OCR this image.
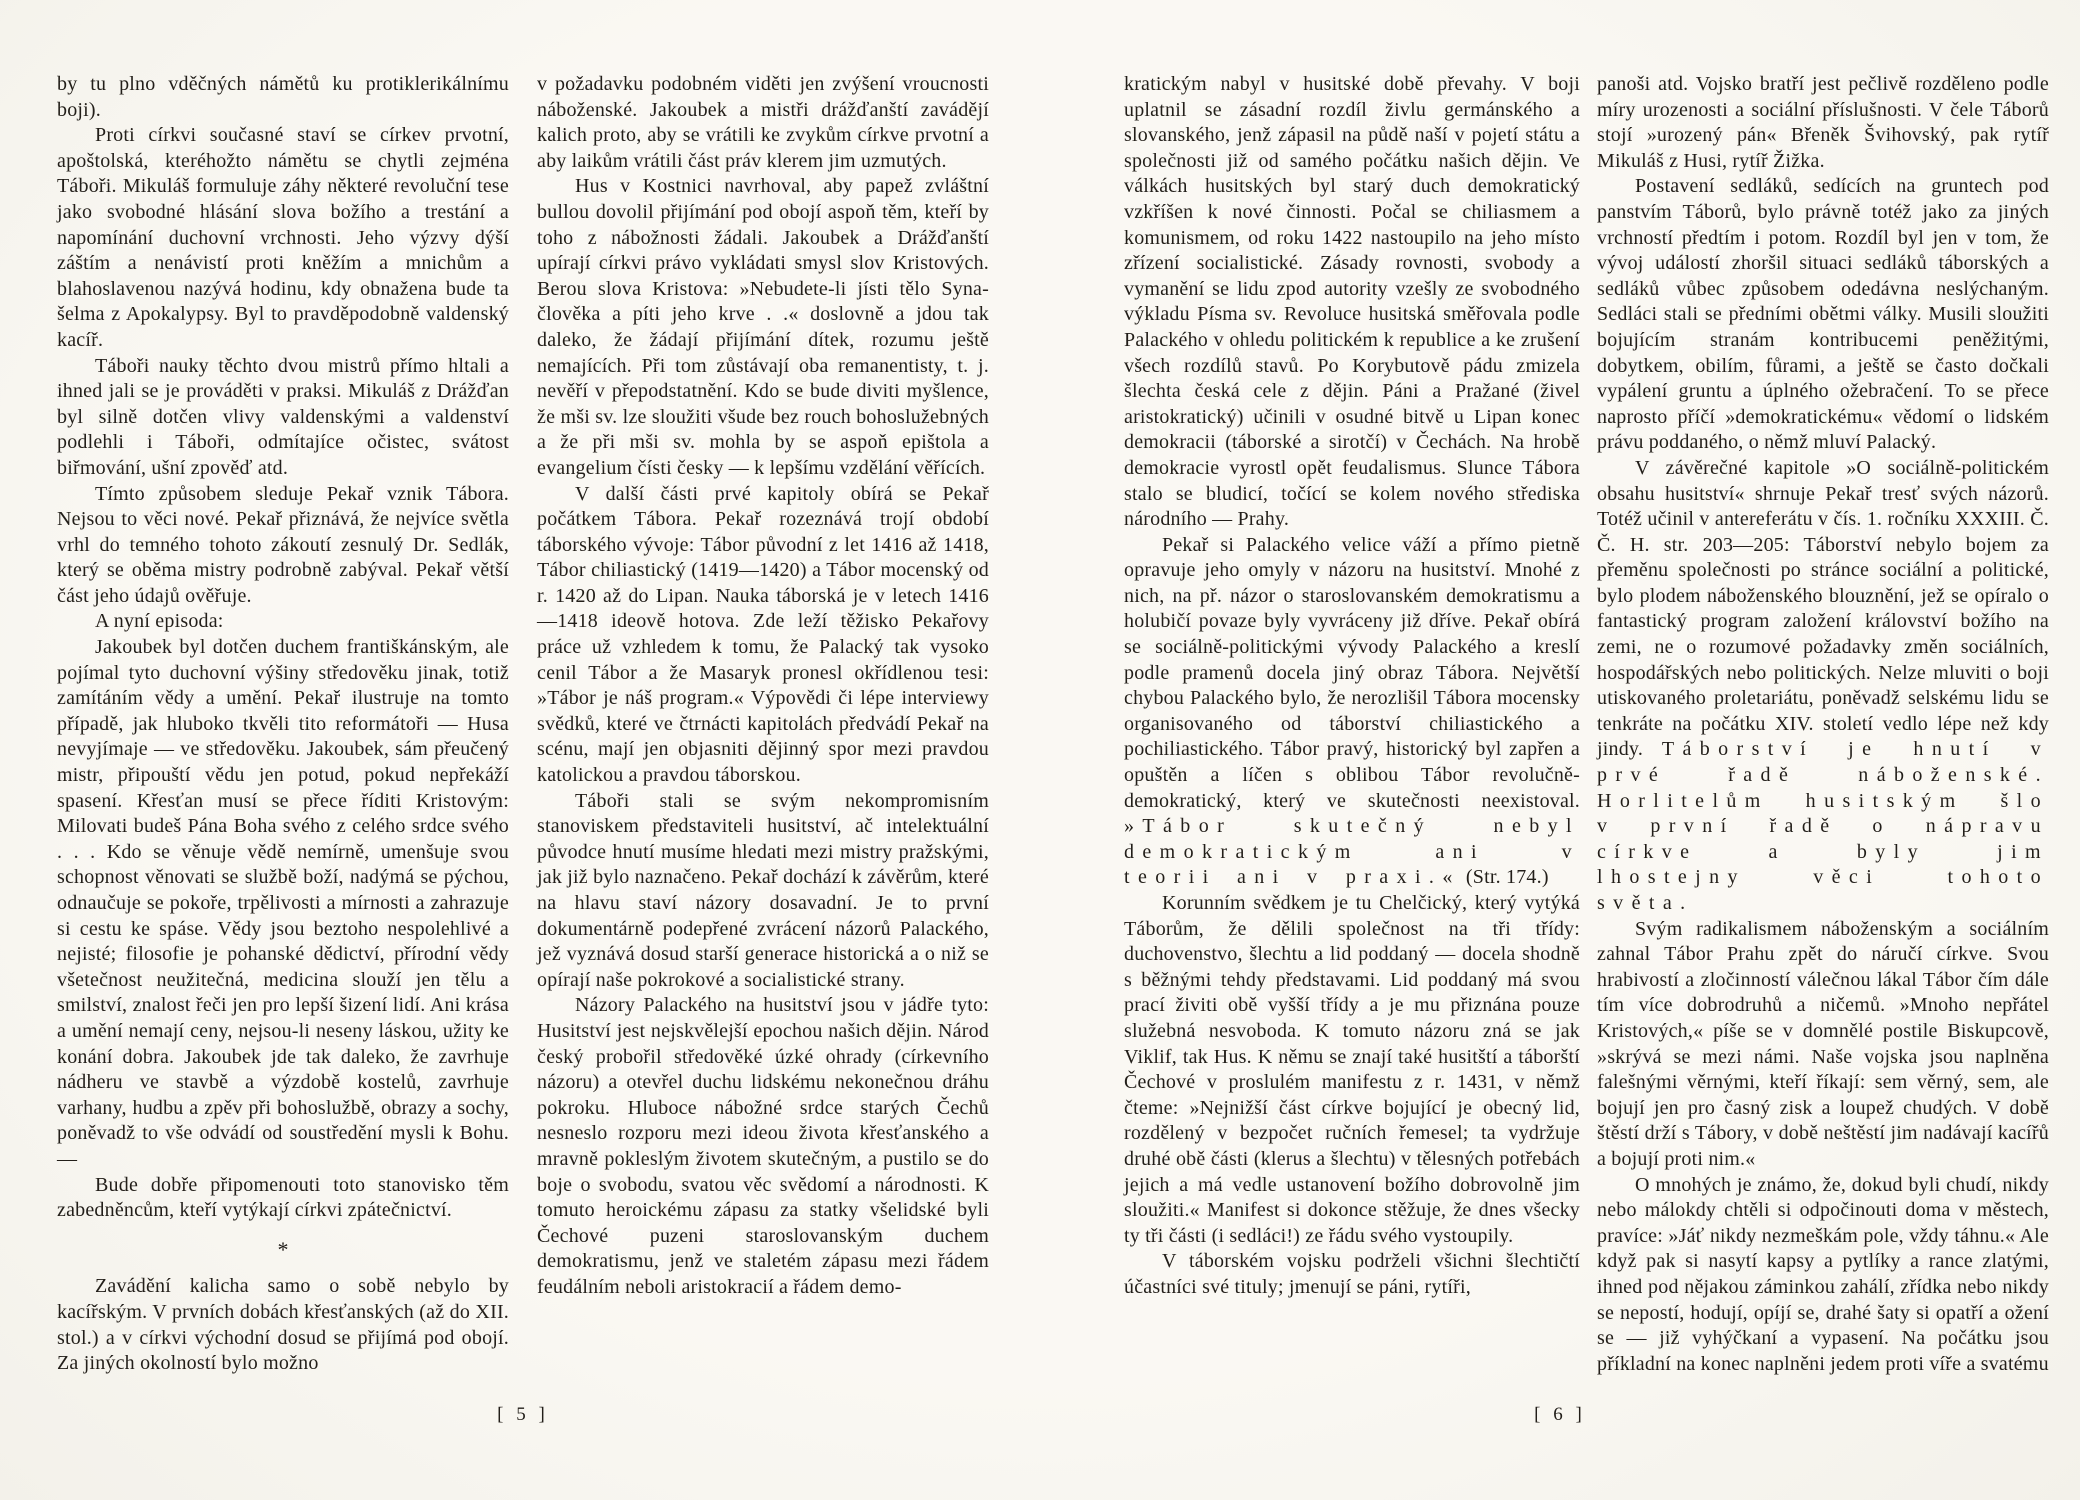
by tu plno vděčných námětů ku protiklerikálnímu boji).

Proti církvi současné staví se církev prvotní, apoštolská, kteréhožto námětu se chytli zejména Táboři. Mikuláš formuluje záhy některé revoluční tese jako svobodné hlásání slova božího a trestání a napomínání duchovní vrchnosti. Jeho výzvy dýší záštím a nenávistí proti kněžím a mnichům a blahoslavenou nazývá hodinu, kdy obnažena bude ta šelma z Apokalypsy. Byl to pravděpodobně valdenský kacíř.

Táboři nauky těchto dvou mistrů přímo hltali a ihned jali se je prováděti v praksi. Mikuláš z Drážďan byl silně dotčen vlivy valdenskými a valdenství podlehli i Táboři, odmítajíce očistec, svátost biřmování, ušní zpověď atd.

Tímto způsobem sleduje Pekař vznik Tábora. Nejsou to věci nové. Pekař přiznává, že nejvíce světla vrhl do temného tohoto zákoutí zesnulý Dr. Sedlák, který se oběma mistry podrobně zabýval. Pekař větší část jeho údajů ověřuje.

A nyní episoda:

Jakoubek byl dotčen duchem františkánským, ale pojímal tyto duchovní výšiny středověku jinak, totiž zamítáním vědy a umění. Pekař ilustruje na tomto případě, jak hluboko tkvěli tito reformátoři — Husa nevyjímaje — ve středověku. Jakoubek, sám přeučený mistr, připouští vědu jen potud, pokud nepřekáží spasení. Křesťan musí se přece říditi Kristovým: Milovati budeš Pána Boha svého z celého srdce svého . . . Kdo se věnuje vědě nemírně, umenšuje svou schopnost věnovati se službě boží, nadýmá se pýchou, odnaučuje se pokoře, trpělivosti a mírnosti a zahrazuje si cestu ke spáse. Vědy jsou beztoho nespolehlivé a nejisté; filosofie je pohanské dědictví, přírodní vědy všetečnost neužitečná, medicina slouží jen tělu a smilství, znalost řeči jen pro lepší šizení lidí. Ani krása a umění nemají ceny, nejsou-li neseny láskou, užity ke konání dobra. Jakoubek jde tak daleko, že zavrhuje nádheru ve stavbě a výzdobě kostelů, zavrhuje varhany, hudbu a zpěv při bohoslužbě, obrazy a sochy, poněvadž to vše odvádí od soustředění mysli k Bohu. —

Bude dobře připomenouti toto stanovisko těm zabedněncům, kteří vytýkají církvi zpátečnictví.

*

Zavádění kalicha samo o sobě nebylo by kacířským. V prvních dobách křesťanských (až do XII. stol.) a v církvi východní dosud se přijímá pod obojí. Za jiných okolností bylo možno

v požadavku podobném viděti jen zvýšení vroucnosti náboženské. Jakoubek a mistři drážďanští zavádějí kalich proto, aby se vrátili ke zvykům církve prvotní a aby laikům vrátili část práv klerem jim uzmutých.

Hus v Kostnici navrhoval, aby papež zvláštní bullou dovolil přijímání pod obojí aspoň těm, kteří by toho z nábožnosti žádali. Jakoubek a Drážďanští upírají církvi právo vykládati smysl slov Kristových. Berou slova Kristova: »Nebudete-li jísti tělo Syna-člověka a píti jeho krve . .« doslovně a jdou tak daleko, že žádají přijímání dítek, rozumu ještě nemajících. Při tom zůstávají oba remanentisty, t. j. nevěří v přepodstatnění. Kdo se bude diviti myšlence, že mši sv. lze sloužiti všude bez rouch bohoslužebných a že při mši sv. mohla by se aspoň epištola a evangelium čísti česky — k lepšímu vzdělání věřících.

V další části prvé kapitoly obírá se Pekař počátkem Tábora. Pekař rozeznává trojí období táborského vývoje: Tábor původní z let 1416 až 1418, Tábor chiliastický (1419—1420) a Tábor mocenský od r. 1420 až do Lipan. Nauka táborská je v letech 1416—1418 ideově hotova. Zde leží těžisko Pekařovy práce už vzhledem k tomu, že Palacký tak vysoko cenil Tábor a že Masaryk pronesl okřídlenou tesi: »Tábor je náš program.« Výpovědi či lépe interviewy svědků, které ve čtrnácti kapitolách předvádí Pekař na scénu, mají jen objasniti dějinný spor mezi pravdou katolickou a pravdou táborskou.

Táboři stali se svým nekompromisním stanoviskem představiteli husitství, ač intelektuální původce hnutí musíme hledati mezi mistry pražskými, jak již bylo naznačeno. Pekař dochází k závěrům, které na hlavu staví názory dosavadní. Je to první dokumentárně podepřené zvrácení názorů Palackého, jež vyznává dosud starší generace historická a o niž se opírají naše pokrokové a socialistické strany.

Názory Palackého na husitství jsou v jádře tyto: Husitství jest nejskvělejší epochou našich dějin. Národ český probořil středověké úzké ohrady (církevního názoru) a otevřel duchu lidskému nekonečnou dráhu pokroku. Hluboce nábožné srdce starých Čechů nesneslo rozporu mezi ideou života křesťanského a mravně pokleslým životem skutečným, a pustilo se do boje o svobodu, svatou věc svědomí a národnosti. K tomuto heroickému zápasu za statky všelidské byli Čechové puzeni staroslovanským duchem demokratismu, jenž ve staletém zápasu mezi řádem feudálním neboli aristokracií a řádem demo-

[ 5 ]

kratickým nabyl v husitské době převahy. V boji uplatnil se zásadní rozdíl živlu germánského a slovanského, jenž zápasil na půdě naší v pojetí státu a společnosti již od samého počátku našich dějin. Ve válkách husitských byl starý duch demokratický vzkříšen k nové činnosti. Počal se chiliasmem a komunismem, od roku 1422 nastoupilo na jeho místo zřízení socialistické. Zásady rovnosti, svobody a vymanění se lidu zpod autority vzešly ze svobodného výkladu Písma sv. Revoluce husitská směřovala podle Palackého v ohledu politickém k republice a ke zrušení všech rozdílů stavů. Po Korybutově pádu zmizela šlechta česká cele z dějin. Páni a Pražané (živel aristokratický) učinili v osudné bitvě u Lipan konec demokracii (táborské a sirotčí) v Čechách. Na hrobě demokracie vyrostl opět feudalismus. Slunce Tábora stalo se bludicí, točící se kolem nového střediska národního — Prahy.

Pekař si Palackého velice váží a přímo pietně opravuje jeho omyly v názoru na husitství. Mnohé z nich, na př. názor o staroslovanském demokratismu a holubičí povaze byly vyvráceny již dříve. Pekař obírá se sociálně-politickými vývody Palackého a kreslí podle pramenů docela jiný obraz Tábora. Největší chybou Palackého bylo, že nerozlišil Tábora mocensky organisovaného od táborství chiliastického a pochiliastického. Tábor pravý, historický byl zapřen a opuštěn a líčen s oblibou Tábor revolučně-demokratický, který ve skutečnosti neexistoval. »Tábor skutečný nebyl demokratickým ani v teorii ani v praxi.« (Str. 174.)

Korunním svědkem je tu Chelčický, který vytýká Táborům, že dělili společnost na tři třídy: duchovenstvo, šlechtu a lid poddaný — docela shodně s běžnými tehdy představami. Lid poddaný má svou prací živiti obě vyšší třídy a je mu přiznána pouze služebná nesvoboda. K tomuto názoru zná se jak Viklif, tak Hus. K němu se znají také husitští a táborští Čechové v proslulém manifestu z r. 1431, v němž čteme: »Nejnižší část církve bojující je obecný lid, rozdělený v bezpočet ručních řemesel; ta vydržuje druhé obě části (klerus a šlechtu) v tělesných potřebách jejich a má vedle ustanovení božího dobrovolně jim sloužiti.« Manifest si dokonce stěžuje, že dnes všecky ty tři části (i sedláci!) ze řádu svého vystoupily.

V táborském vojsku podrželi všichni šlechtičtí účastníci své tituly; jmenují se páni, rytíři,

panoši atd. Vojsko bratří jest pečlivě rozděleno podle míry urozenosti a sociální příslušnosti. V čele Táborů stojí »urozený pán« Břeněk Švihovský, pak rytíř Mikuláš z Husi, rytíř Žižka.

Postavení sedláků, sedících na gruntech pod panstvím Táborů, bylo právně totéž jako za jiných vrchností předtím i potom. Rozdíl byl jen v tom, že vývoj událostí zhoršil situaci sedláků táborských a sedláků vůbec způsobem odedávna neslýchaným. Sedláci stali se předními obětmi války. Musili sloužiti bojujícím stranám kontribucemi peněžitými, dobytkem, obilím, fůrami, a ještě se často dočkali vypálení gruntu a úplného ožebračení. To se přece naprosto příčí »demokratickému« vědomí o lidském právu poddaného, o němž mluví Palacký.

V závěrečné kapitole »O sociálně-politickém obsahu husitství« shrnuje Pekař tresť svých názorů. Totéž učinil v antereferátu v čís. 1. ročníku XXXIII. Č. Č. H. str. 203—205: Táborství nebylo bojem za přeměnu společnosti po stránce sociální a politické, bylo plodem náboženského blouznění, jež se opíralo o fantastický program založení království božího na zemi, ne o rozumové požadavky změn sociálních, hospodářských nebo politických. Nelze mluviti o boji utiskovaného proletariátu, poněvadž selskému lidu se tenkráte na počátku XIV. století vedlo lépe než kdy jindy. Táborství je hnutí v prvé řadě náboženské. Horlitelům husitským šlo v první řadě o nápravu církve a byly jim lhostejny věci tohoto světa.

Svým radikalismem náboženským a sociálním zahnal Tábor Prahu zpět do náručí církve. Svou hrabivostí a zločinností válečnou lákal Tábor čím dále tím více dobrodruhů a ničemů. »Mnoho nepřátel Kristových,« píše se v domnělé postile Biskupcově, »skrývá se mezi námi. Naše vojska jsou naplněna falešnými věrnými, kteří říkají: sem věrný, sem, ale bojují jen pro časný zisk a loupež chudých. V době štěstí drží s Tábory, v době neštěstí jim nadávají kacířů a bojují proti nim.«

O mnohých je známo, že, dokud byli chudí, nikdy nebo málokdy chtěli si odpočinouti doma v městech, pravíce: »Jáť nikdy nezmeškám pole, vždy táhnu.« Ale když pak si nasytí kapsy a pytlíky a rance zlatými, ihned pod nějakou záminkou zahálí, zřídka nebo nikdy se nepostí, hodují, opíjí se, drahé šaty si opatří a ožení se — již vyhýčkaní a vypasení. Na počátku jsou příkladní na konec naplněni jedem proti víře a svatému

[ 6 ]
